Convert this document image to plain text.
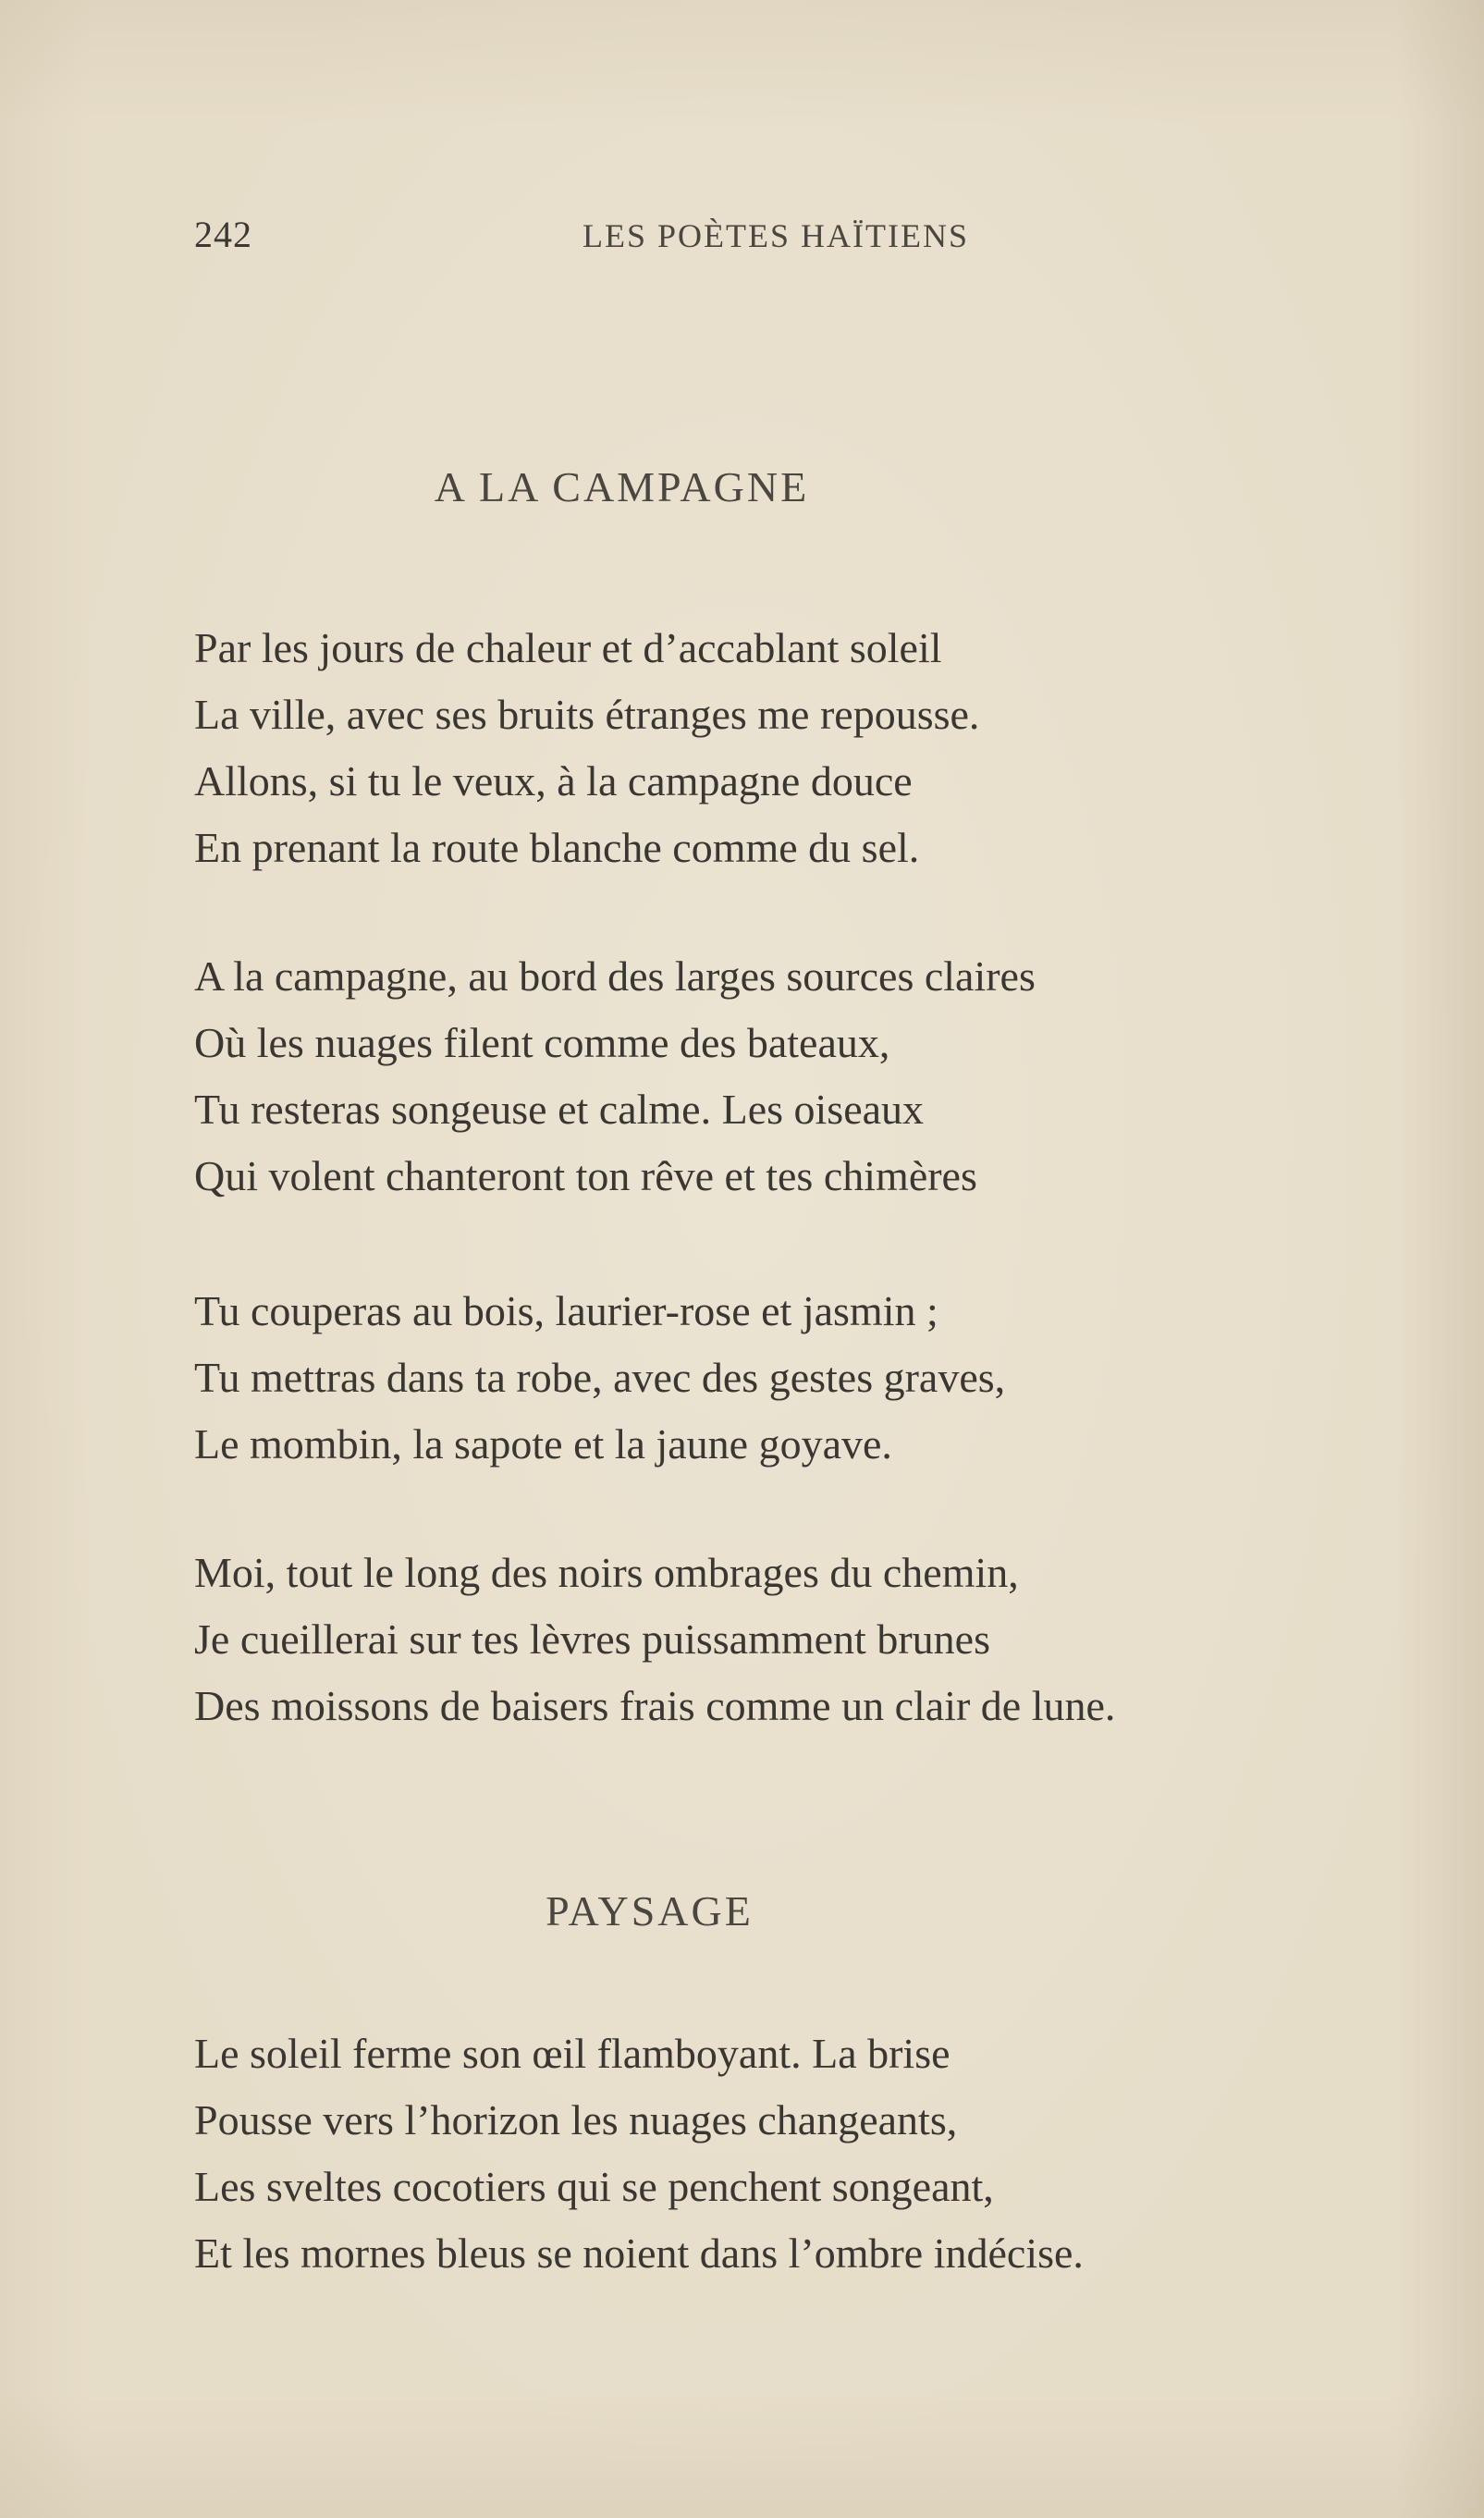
242	LES POÈTES HAÏTIENS
A LA CAMPAGNE
Par les jours de chaleur et d’accablant soleil
La ville, avec ses bruits étranges me repousse.
Allons, si tu le veux, à la campagne douce
En prenant la route blanche comme du sel.
A la campagne, au bord des larges sources claires
Où les nuages filent comme des bateaux,
Tu resteras songeuse et calme. Les oiseaux
Qui volent chanteront ton rêve et tes chimères
Tu couperas au bois, laurier-rose et jasmin ;
Tu mettras dans ta robe, avec des gestes graves,
Le mombin, la sapote et la jaune goyave.
Moi, tout le long des noirs ombrages du chemin,
Je cueillerai sur tes lèvres puissamment brunes
Des moissons de baisers frais comme un clair de lune.
PAYSAGE
Le soleil ferme son œil flamboyant. La brise
Pousse vers l’horizon les nuages changeants,
Les sveltes cocotiers qui se penchent songeant,
Et les mornes bleus se noient dans l’ombre indécise.
